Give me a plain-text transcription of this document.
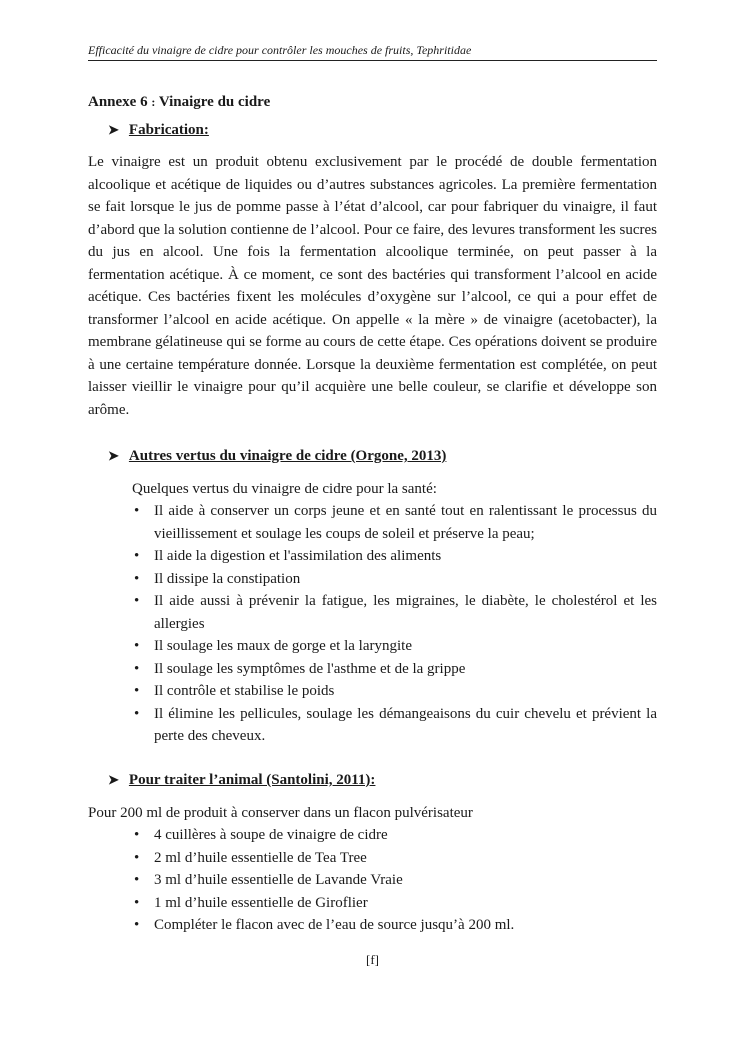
Efficacité du vinaigre de cidre pour contrôler les mouches de fruits, Tephritidae
Annexe 6 : Vinaigre du cidre
➤ Fabrication:
Le vinaigre est un produit obtenu exclusivement par le procédé de double fermentation alcoolique et acétique de liquides ou d’autres substances agricoles. La première fermentation se fait lorsque le jus de pomme passe à l’état d’alcool, car pour fabriquer du vinaigre, il faut d’abord que la solution contienne de l’alcool. Pour ce faire, des levures transforment les sucres du jus en alcool. Une fois la fermentation alcoolique terminée, on peut passer à la fermentation acétique. À ce moment, ce sont des bactéries qui transforment l’alcool en acide acétique. Ces bactéries fixent les molécules d’oxygène sur l’alcool, ce qui a pour effet de transformer l’alcool en acide acétique. On appelle « la mère » de vinaigre (acetobacter), la membrane gélatineuse qui se forme au cours de cette étape. Ces opérations doivent se produire à une certaine température donnée. Lorsque la deuxième fermentation est complétée, on peut laisser vieillir le vinaigre pour qu’il acquière une belle couleur, se clarifie et développe son arôme.
➤ Autres vertus du vinaigre de cidre (Orgone, 2013)
Quelques vertus du vinaigre de cidre pour la santé:
• Il aide à conserver un corps jeune et en santé tout en ralentissant le processus du vieillissement et soulage les coups de soleil et préserve la peau;
• Il aide la digestion et l'assimilation des aliments
• Il dissipe la constipation
• Il aide aussi à prévenir la fatigue, les migraines, le diabète, le cholestérol et les allergies
• Il soulage les maux de gorge et la laryngite
• Il soulage les symptômes de l'asthme et de la grippe
• Il contrôle et stabilise le poids
• Il élimine les pellicules, soulage les démangeaisons du cuir chevelu et prévient la perte des cheveux.
➤ Pour traiter l’animal (Santolini, 2011):
Pour 200 ml de produit à conserver dans un flacon pulvérisateur
• 4 cuillères à soupe de vinaigre de cidre
• 2 ml d’huile essentielle de Tea Tree
• 3 ml d’huile essentielle de Lavande Vraie
• 1 ml d’huile essentielle de Giroflier
• Compléter le flacon avec de l’eau de source jusqu’à 200 ml.
[f]
